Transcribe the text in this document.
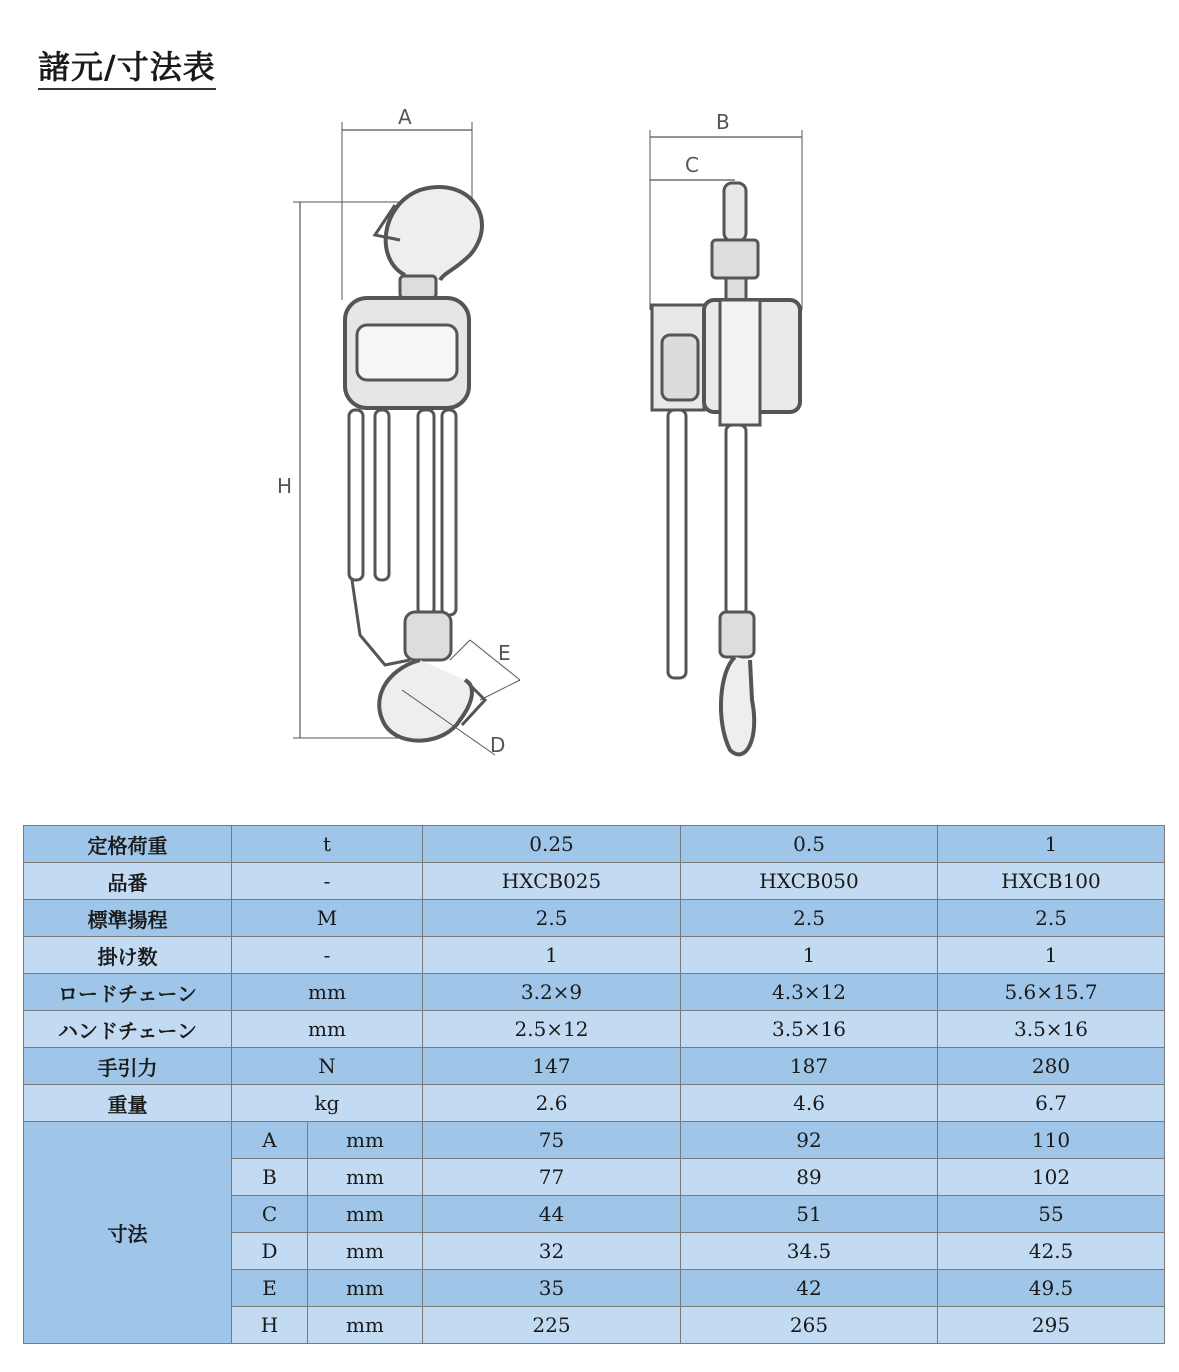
諸元/寸法表
A
H
E
D
B
C
定格荷重	t		0.25	0.5	1
品番	-		HXCB025	HXCB050	HXCB100
標準揚程	M		2.5	2.5	2.5
掛け数	-		1	1	1
ロードチェーン	mm		3.2×9	4.3×12	5.6×15.7
ハンドチェーン	mm		2.5×12	3.5×16	3.5×16
手引力	N		147	187	280
重量	kg		2.6	4.6	6.7
寸法	A	mm	75	92	110
	B	mm	77	89	102
	C	mm	44	51	55
	D	mm	32	34.5	42.5
	E	mm	35	42	49.5
	H	mm	225	265	295
